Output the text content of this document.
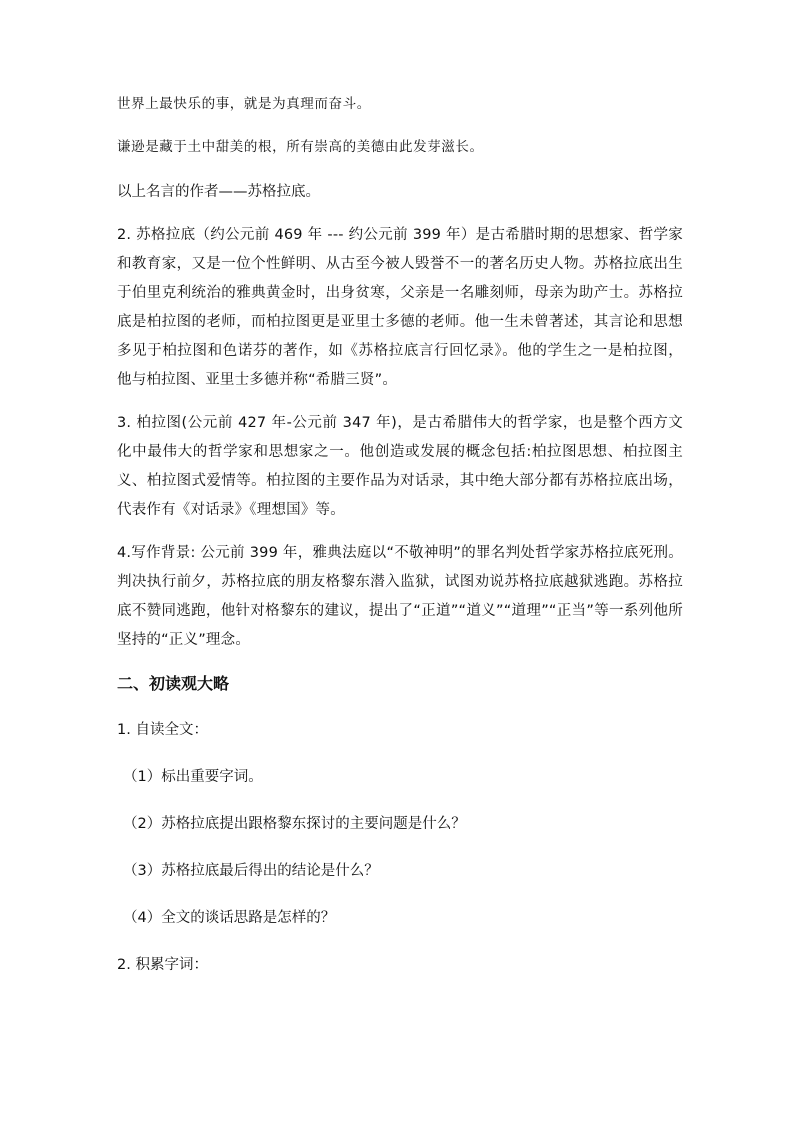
世界上最快乐的事，就是为真理而奋斗。

谦逊是藏于土中甜美的根，所有崇高的美德由此发芽滋长。

以上名言的作者——苏格拉底。

2. 苏格拉底（约公元前 469 年 --- 约公元前 399 年）是古希腊时期的思想家、哲学家和教育家，又是一位个性鲜明、从古至今被人毁誉不一的著名历史人物。苏格拉底出生于伯里克利统治的雅典黄金时，出身贫寒，父亲是一名雕刻师，母亲为助产士。苏格拉底是柏拉图的老师，而柏拉图更是亚里士多德的老师。他一生未曾著述，其言论和思想多见于柏拉图和色诺芬的著作，如《苏格拉底言行回忆录》。他的学生之一是柏拉图，他与柏拉图、亚里士多德并称“希腊三贤”。

3. 柏拉图(公元前 427 年-公元前 347 年)，是古希腊伟大的哲学家，也是整个西方文化中最伟大的哲学家和思想家之一。他创造或发展的概念包括:柏拉图思想、柏拉图主义、柏拉图式爱情等。柏拉图的主要作品为对话录，其中绝大部分都有苏格拉底出场，代表作有《对话录》《理想国》等。

4.写作背景: 公元前 399 年，雅典法庭以“不敬神明”的罪名判处哲学家苏格拉底死刑。判决执行前夕，苏格拉底的朋友格黎东潜入监狱，试图劝说苏格拉底越狱逃跑。苏格拉底不赞同逃跑，他针对格黎东的建议，提出了“正道”“道义”“道理”“正当”等一系列他所坚持的“正义”理念。

二、初读观大略

1. 自读全文：

（1）标出重要字词。

（2）苏格拉底提出跟格黎东探讨的主要问题是什么？

（3）苏格拉底最后得出的结论是什么？

（4）全文的谈话思路是怎样的？

2. 积累字词：
